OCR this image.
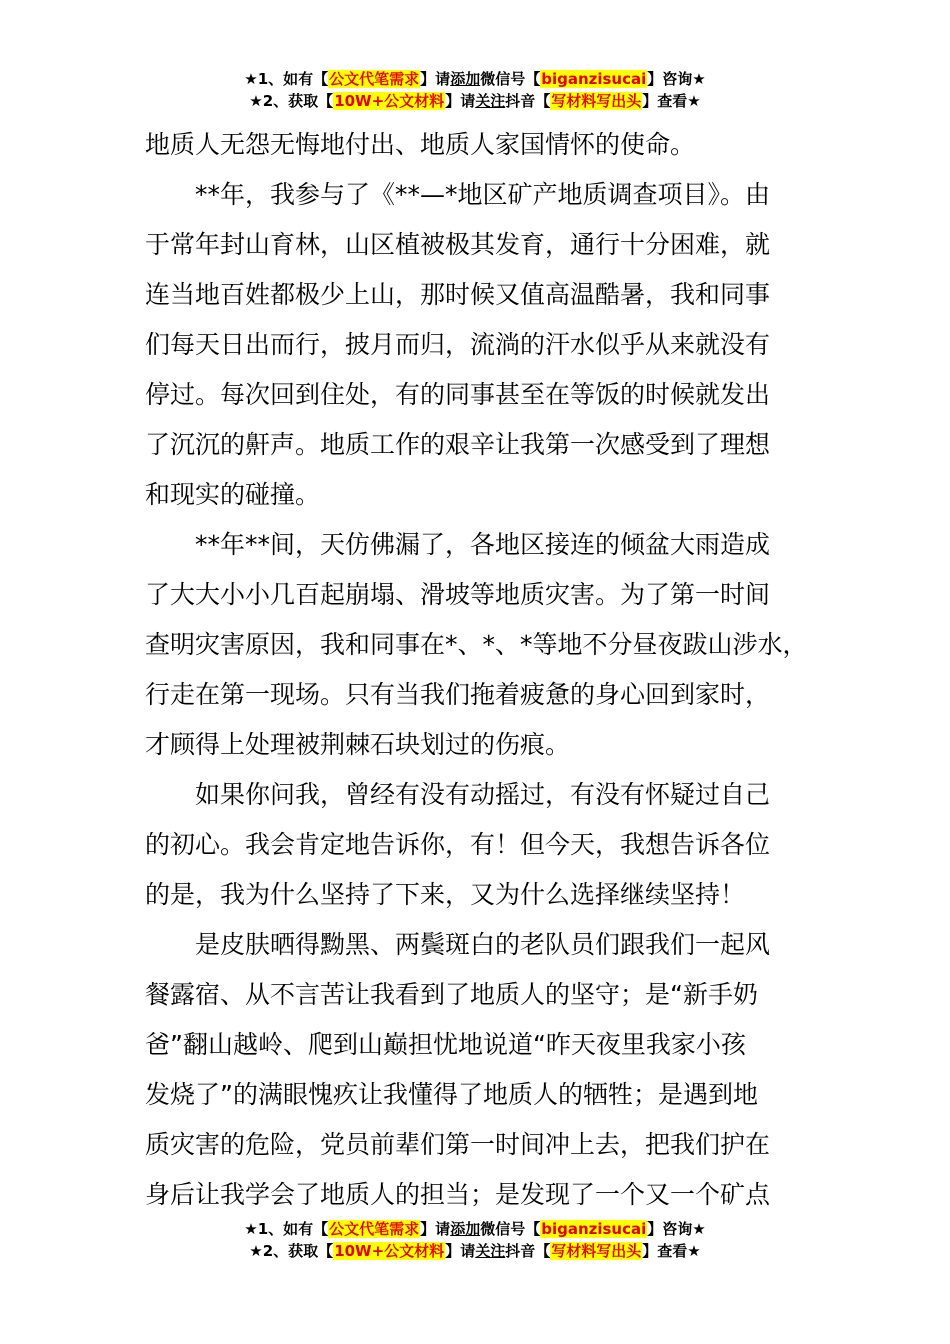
★1、如有【公文代笔需求】请添加微信号【biganzisucai】咨询★
★2、获取【10W+公文材料】请关注抖音【写材料写出头】查看★
地质人无怨无悔地付出、地质人家国情怀的使命。
　　**年，我参与了《**—*地区矿产地质调查项目》。由
于常年封山育林，山区植被极其发育，通行十分困难，就
连当地百姓都极少上山，那时候又值高温酷暑，我和同事
们每天日出而行，披月而归，流淌的汗水似乎从来就没有
停过。每次回到住处，有的同事甚至在等饭的时候就发出
了沉沉的鼾声。地质工作的艰辛让我第一次感受到了理想
和现实的碰撞。
　　**年**间，天仿佛漏了，各地区接连的倾盆大雨造成
了大大小小几百起崩塌、滑坡等地质灾害。为了第一时间
查明灾害原因，我和同事在*、*、*等地不分昼夜跋山涉水，
行走在第一现场。只有当我们拖着疲惫的身心回到家时，
才顾得上处理被荆棘石块划过的伤痕。
　　如果你问我，曾经有没有动摇过，有没有怀疑过自己
的初心。我会肯定地告诉你，有！但今天，我想告诉各位
的是，我为什么坚持了下来，又为什么选择继续坚持！
　　是皮肤晒得黝黑、两鬓斑白的老队员们跟我们一起风
餐露宿、从不言苦让我看到了地质人的坚守；是“新手奶
爸”翻山越岭、爬到山巅担忧地说道“昨天夜里我家小孩
发烧了”的满眼愧疚让我懂得了地质人的牺牲；是遇到地
质灾害的危险，党员前辈们第一时间冲上去，把我们护在
身后让我学会了地质人的担当；是发现了一个又一个矿点
★1、如有【公文代笔需求】请添加微信号【biganzisucai】咨询★
★2、获取【10W+公文材料】请关注抖音【写材料写出头】查看★
